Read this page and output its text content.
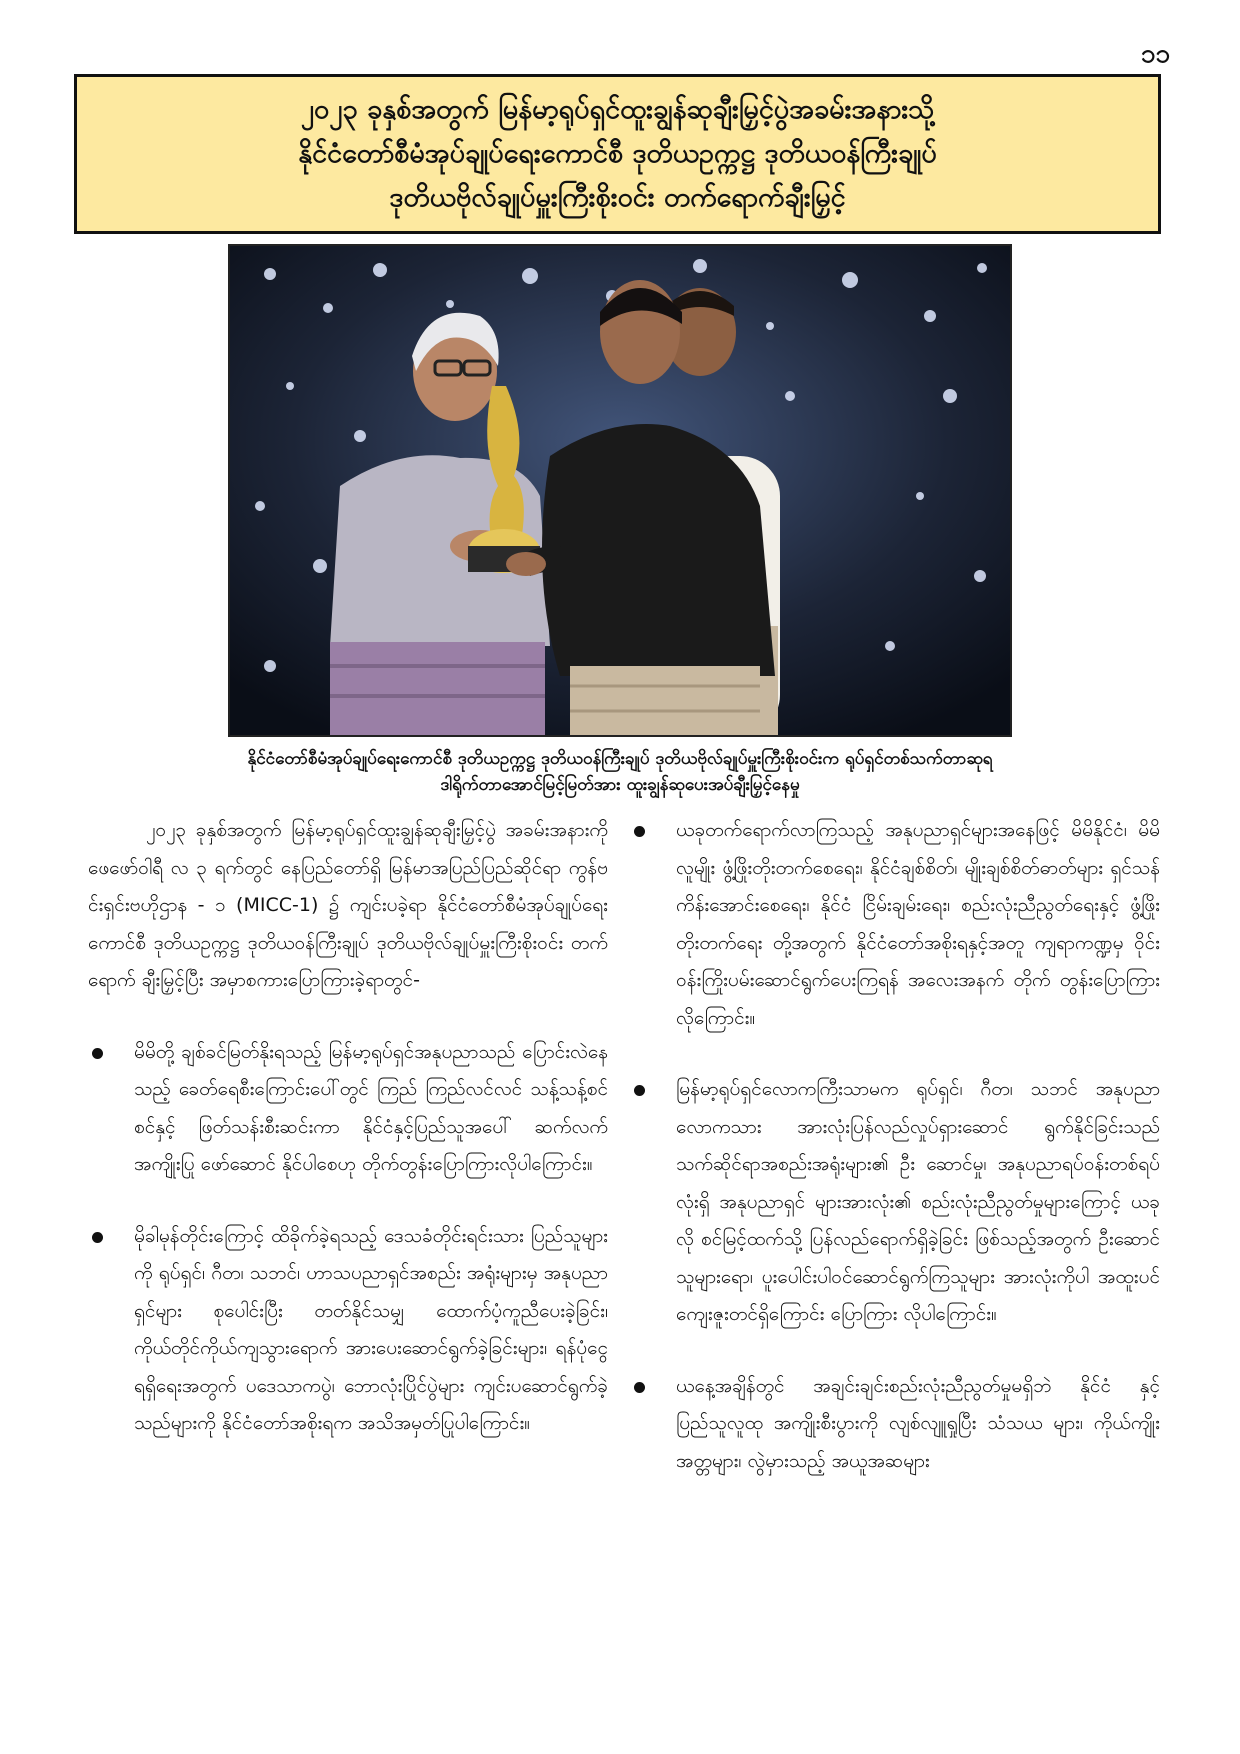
၁၁
၂၀၂၃ ခုနှစ်အတွက် မြန်မာ့ရုပ်ရှင်ထူးချွန်ဆုချီးမြှင့်ပွဲအခမ်းအနားသို့
နိုင်ငံတော်စီမံအုပ်ချုပ်ရေးကောင်စီ ဒုတိယဥက္ကဋ္ဌ ဒုတိယဝန်ကြီးချုပ်
ဒုတိယဗိုလ်ချုပ်မှူးကြီးစိုးဝင်း တက်ရောက်ချီးမြှင့်
နိုင်ငံတော်စီမံအုပ်ချုပ်ရေးကောင်စီ ဒုတိယဥက္ကဋ္ဌ ဒုတိယဝန်ကြီးချုပ် ဒုတိယဗိုလ်ချုပ်မှူးကြီးစိုးဝင်းက ရုပ်ရှင်တစ်သက်တာဆုရ
ဒါရိုက်တာအောင်မြင့်မြတ်အား ထူးချွန်ဆုပေးအပ်ချီးမြှင့်နေမှု

၂၀၂၃ ခုနှစ်အတွက် မြန်မာ့ရုပ်ရှင်ထူးချွန်ဆုချီးမြှင့်ပွဲ အခမ်းအနားကို ဖေဖော်ဝါရီ လ ၃ ရက်တွင် နေပြည်တော်ရှိ မြန်မာအပြည်ပြည်ဆိုင်ရာ ကွန်ဗင်းရှင်းဗဟိုဌာန - ၁ (MICC-1) ၌ ကျင်းပခဲ့ရာ နိုင်ငံတော်စီမံအုပ်ချုပ်ရေးကောင်စီ ဒုတိယဥက္ကဋ္ဌ ဒုတိယဝန်ကြီးချုပ် ဒုတိယဗိုလ်ချုပ်မှူးကြီးစိုးဝင်း တက်ရောက် ချီးမြှင့်ပြီး အမှာစကားပြောကြားခဲ့ရာတွင်-

မိမိတို့ ချစ်ခင်မြတ်နိုးရသည့် မြန်မာ့ရုပ်ရှင်အနုပညာသည် ပြောင်းလဲနေသည့် ခေတ်ရေစီးကြောင်းပေါ်တွင် ကြည် ကြည်လင်လင် သန့်သန့်စင်စင်နှင့် ဖြတ်သန်းစီးဆင်းကာ နိုင်ငံနှင့်ပြည်သူအပေါ် ဆက်လက်အကျိုးပြု ဖော်ဆောင် နိုင်ပါစေဟု တိုက်တွန်းပြောကြားလိုပါကြောင်း။

မိုခါမုန်တိုင်းကြောင့် ထိခိုက်ခဲ့ရသည့် ဒေသခံတိုင်းရင်းသား ပြည်သူများကို ရုပ်ရှင်၊ ဂီတ၊ သဘင်၊ ဟာသပညာရှင်အစည်း အရုံးများမှ အနုပညာရှင်များ စုပေါင်းပြီး တတ်နိုင်သမျှ ထောက်ပံ့ကူညီပေးခဲ့ခြင်း၊ ကိုယ်တိုင်ကိုယ်ကျသွားရောက် အားပေးဆောင်ရွက်ခဲ့ခြင်းများ၊ ရန်ပုံငွေရရှိရေးအတွက် ပဒေသာကပွဲ၊ ဘောလုံးပြိုင်ပွဲများ ကျင်းပဆောင်ရွက်ခဲ့ သည်များကို နိုင်ငံတော်အစိုးရက အသိအမှတ်ပြုပါကြောင်း။

ယခုတက်ရောက်လာကြသည့် အနုပညာရှင်များအနေဖြင့် မိမိနိုင်ငံ၊ မိမိလူမျိုး ဖွံ့ဖြိုးတိုးတက်စေရေး၊ နိုင်ငံချစ်စိတ်၊ မျိုးချစ်စိတ်ဓာတ်များ ရှင်သန်ကိန်းအောင်းစေရေး၊ နိုင်ငံ ငြိမ်းချမ်းရေး၊ စည်းလုံးညီညွတ်ရေးနှင့် ဖွံ့ဖြိုးတိုးတက်ရေး တို့အတွက် နိုင်ငံတော်အစိုးရနှင့်အတူ ကျရာကဏ္ဍမှ ဝိုင်း ဝန်းကြိုးပမ်းဆောင်ရွက်ပေးကြရန် အလေးအနက် တိုက် တွန်းပြောကြားလိုကြောင်း။

မြန်မာ့ရုပ်ရှင်လောကကြီးသာမက ရုပ်ရှင်၊ ဂီတ၊ သဘင် အနုပညာလောကသား အားလုံးပြန်လည်လှုပ်ရှားဆောင် ရွက်နိုင်ခြင်းသည် သက်ဆိုင်ရာအစည်းအရုံးများ၏ ဦး ဆောင်မှု၊ အနုပညာရပ်ဝန်းတစ်ရပ်လုံးရှိ အနုပညာရှင် များအားလုံး၏ စည်းလုံးညီညွတ်မှုများကြောင့် ယခုလို စင်မြင့်ထက်သို့ ပြန်လည်ရောက်ရှိခဲ့ခြင်း ဖြစ်သည့်အတွက် ဦးဆောင်သူများရော၊ ပူးပေါင်းပါဝင်ဆောင်ရွက်ကြသူများ အားလုံးကိုပါ အထူးပင်ကျေးဇူးတင်ရှိကြောင်း ပြောကြား လိုပါကြောင်း။

ယနေ့အချိန်တွင် အချင်းချင်းစည်းလုံးညီညွတ်မှုမရှိဘဲ နိုင်ငံ နှင့် ပြည်သူလူထု အကျိုးစီးပွားကို လျစ်လျူရှုပြီး သံသယ များ၊ ကိုယ်ကျိုးအတ္တများ၊ လွဲမှားသည့် အယူအဆများ
